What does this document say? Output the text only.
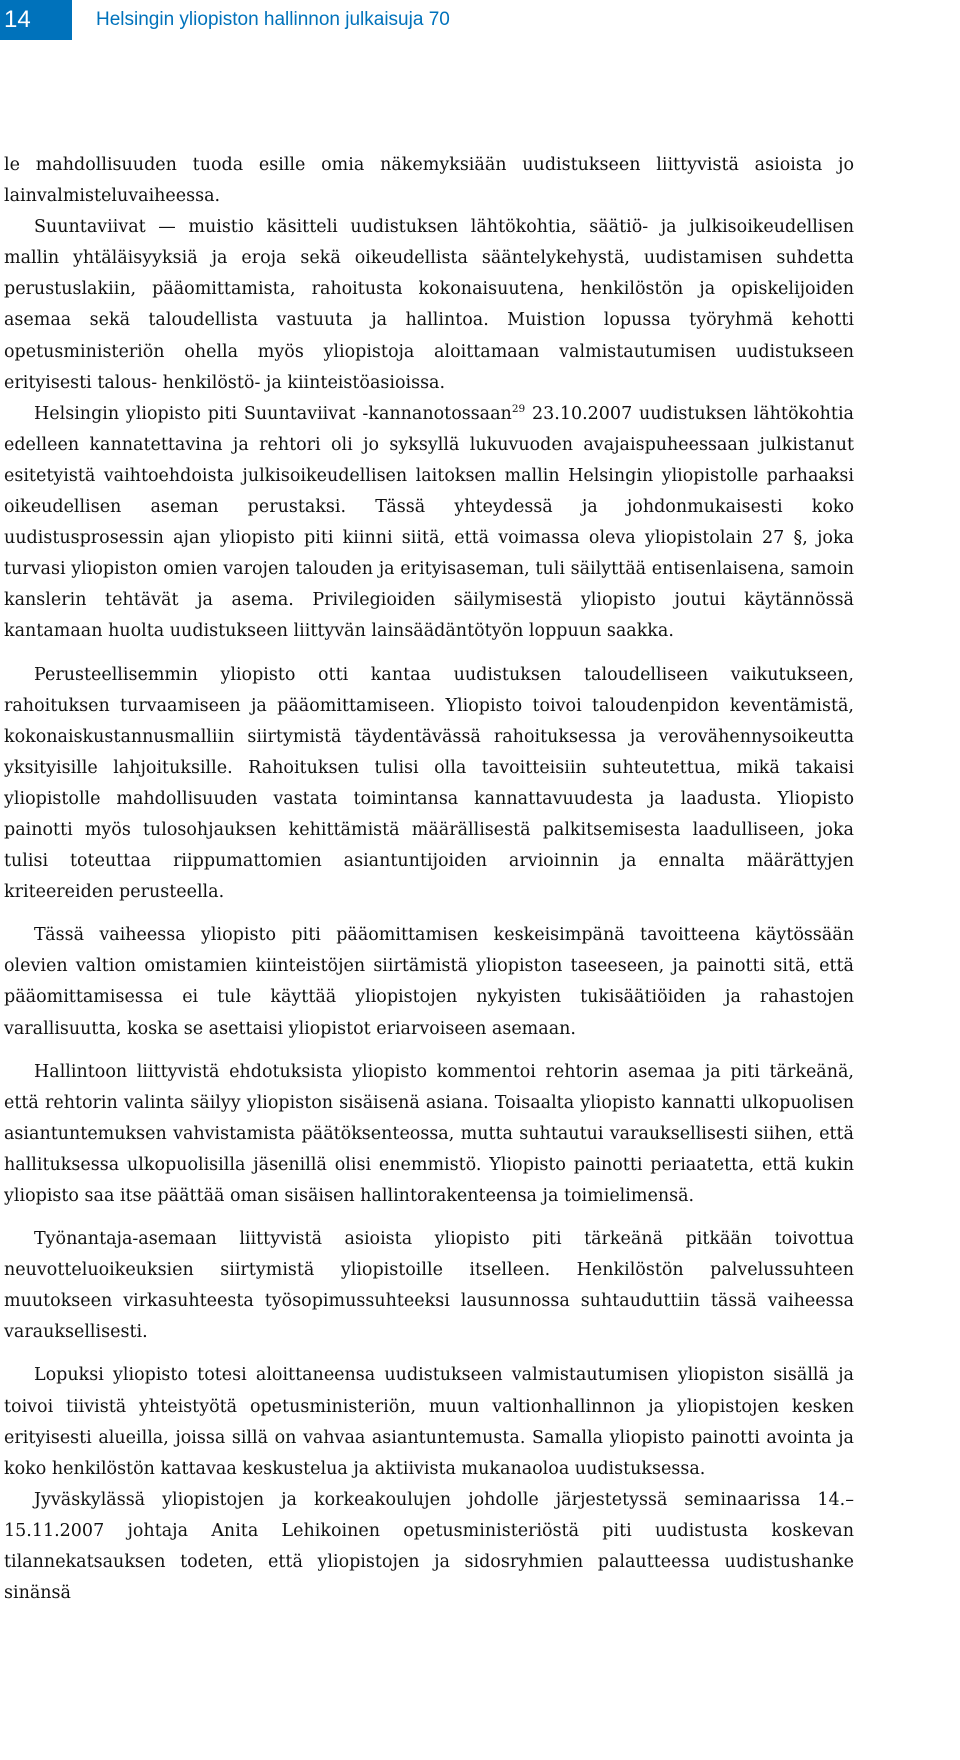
14	Helsingin yliopiston hallinnon julkaisuja 70

le mahdollisuuden tuoda esille omia näkemyksiään uudistukseen liittyvistä asioista jo lainvalmisteluvaiheessa.

Suuntaviivat — muistio käsitteli uudistuksen lähtökohtia, säätiö- ja julkisoikeudellisen mallin yhtäläisyyksiä ja eroja sekä oikeudellista sääntelykehystä, uudistamisen suhdetta perustuslakiin, pääomittamista, rahoitusta kokonaisuutena, henkilöstön ja opiskelijoiden asemaa sekä taloudellista vastuuta ja hallintoa. Muistion lopussa työryhmä kehotti opetusministeriön ohella myös yliopistoja aloittamaan valmistautumisen uudistukseen erityisesti talous- henkilöstö- ja kiinteistöasioissa.

Helsingin yliopisto piti Suuntaviivat -kannanotossaan$^{29}$ 23.10.2007 uudistuksen lähtökohtia edelleen kannatettavina ja rehtori oli jo syksyllä lukuvuoden avajaispuheessaan julkistanut esitetyistä vaihtoehdoista julkisoikeudellisen laitoksen mallin Helsingin yliopistolle parhaaksi oikeudellisen aseman perustaksi. Tässä yhteydessä ja johdonmukaisesti koko uudistusprosessin ajan yliopisto piti kiinni siitä, että voimassa oleva yliopistolain 27 §, joka turvasi yliopiston omien varojen talouden ja erityisaseman, tuli säilyttää entisenlaisena, samoin kanslerin tehtävät ja asema. Privilegioiden säilymisestä yliopisto joutui käytännössä kantamaan huolta uudistukseen liittyvän lainsäädäntötyön loppuun saakka.

Perusteellisemmin yliopisto otti kantaa uudistuksen taloudelliseen vaikutukseen, rahoituksen turvaamiseen ja pääomittamiseen. Yliopisto toivoi taloudenpidon keventämistä, kokonaiskustannusmalliin siirtymistä täydentävässä rahoituksessa ja verovähennysoikeutta yksityisille lahjoituksille. Rahoituksen tulisi olla tavoitteisiin suhteutettua, mikä takaisi yliopistolle mahdollisuuden vastata toimintansa kannattavuudesta ja laadusta. Yliopisto painotti myös tulosohjauksen kehittämistä määrällisestä palkitsemisesta laadulliseen, joka tulisi toteuttaa riippumattomien asiantuntijoiden arvioinnin ja ennalta määrättyjen kriteereiden perusteella.

Tässä vaiheessa yliopisto piti pääomittamisen keskeisimpänä tavoitteena käytössään olevien valtion omistamien kiinteistöjen siirtämistä yliopiston taseeseen, ja painotti sitä, että pääomittamisessa ei tule käyttää yliopistojen nykyisten tukisäätiöiden ja rahastojen varallisuutta, koska se asettaisi yliopistot eriarvoiseen asemaan.

Hallintoon liittyvistä ehdotuksista yliopisto kommentoi rehtorin asemaa ja piti tärkeänä, että rehtorin valinta säilyy yliopiston sisäisenä asiana. Toisaalta yliopisto kannatti ulkopuolisen asiantuntemuksen vahvistamista päätöksenteossa, mutta suhtautui varauksellisesti siihen, että hallituksessa ulkopuolisilla jäsenillä olisi enemmistö. Yliopisto painotti periaatetta, että kukin yliopisto saa itse päättää oman sisäisen hallintorakenteensa ja toimielimensä.

Työnantaja-asemaan liittyvistä asioista yliopisto piti tärkeänä pitkään toivottua neuvotteluoikeuksien siirtymistä yliopistoille itselleen. Henkilöstön palvelussuhteen muutokseen virkasuhteesta työsopimussuhteeksi lausunnossa suhtauduttiin tässä vaiheessa varauksellisesti.

Lopuksi yliopisto totesi aloittaneensa uudistukseen valmistautumisen yliopiston sisällä ja toivoi tiivistä yhteistyötä opetusministeriön, muun valtionhallinnon ja yliopistojen kesken erityisesti alueilla, joissa sillä on vahvaa asiantuntemusta. Samalla yliopisto painotti avointa ja koko henkilöstön kattavaa keskustelua ja aktiivista mukanaoloa uudistuksessa.

Jyväskylässä yliopistojen ja korkeakoulujen johdolle järjestetyssä seminaarissa 14.– 15.11.2007 johtaja Anita Lehikoinen opetusministeriöstä piti uudistusta koskevan tilannekatsauksen todeten, että yliopistojen ja sidosryhmien palautteessa uudistushanke sinänsä
